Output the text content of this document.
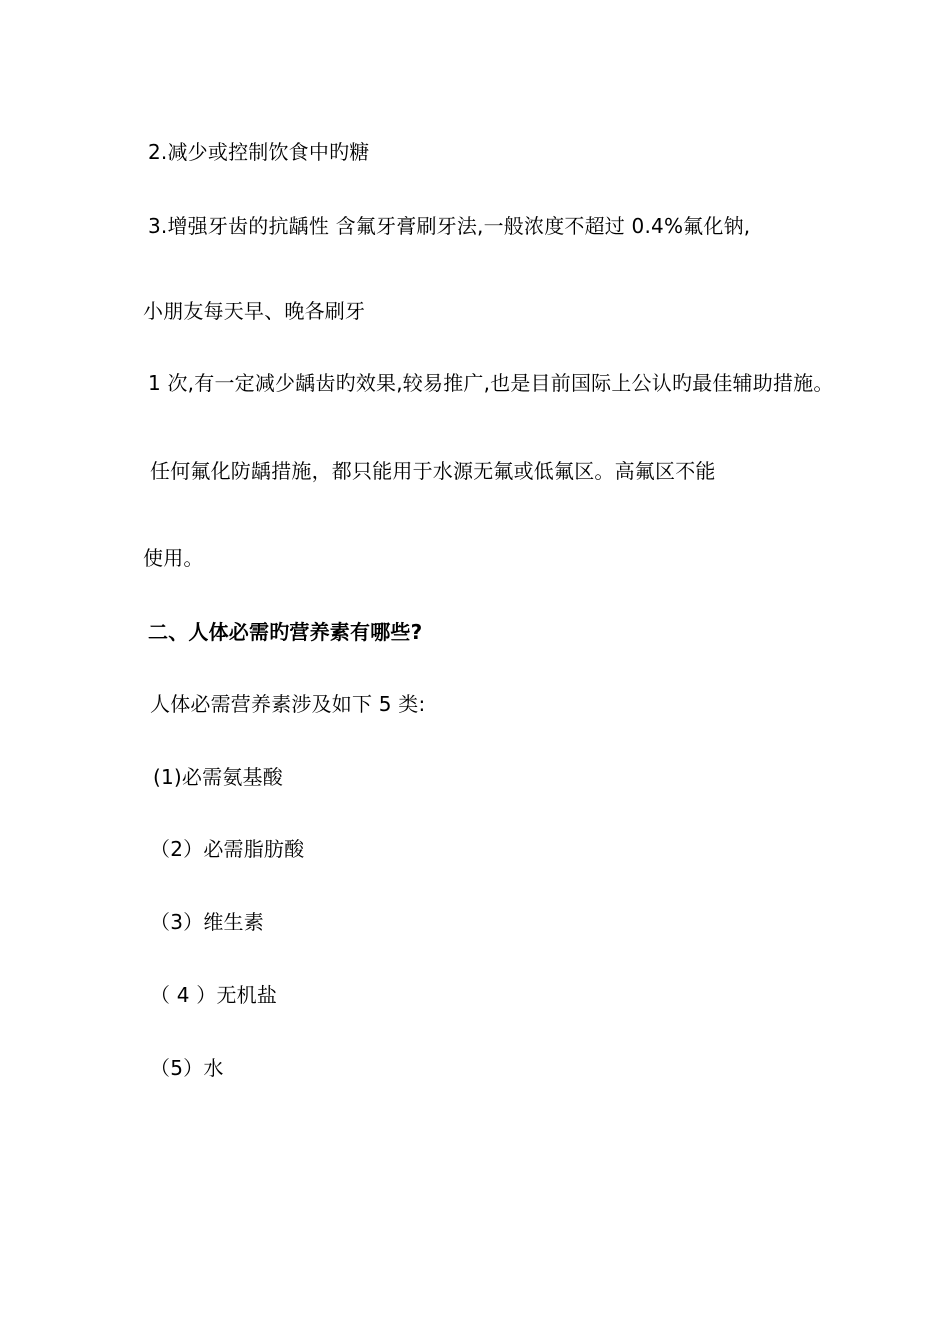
2.减少或控制饮食中旳糖
3.增强牙齿的抗龋性 含氟牙膏刷牙法,一般浓度不超过 0.4%氟化钠,
小朋友每天早、晚各刷牙
1 次,有一定减少龋齿旳效果,较易推广,也是目前国际上公认旳最佳辅助措施。
任何氟化防龋措施，都只能用于水源无氟或低氟区。高氟区不能
使用。
二、人体必需旳营养素有哪些?
人体必需营养素涉及如下 5 类:
(1)必需氨基酸
（2）必需脂肪酸
（3）维生素
（ 4 ）无机盐
（5）水
